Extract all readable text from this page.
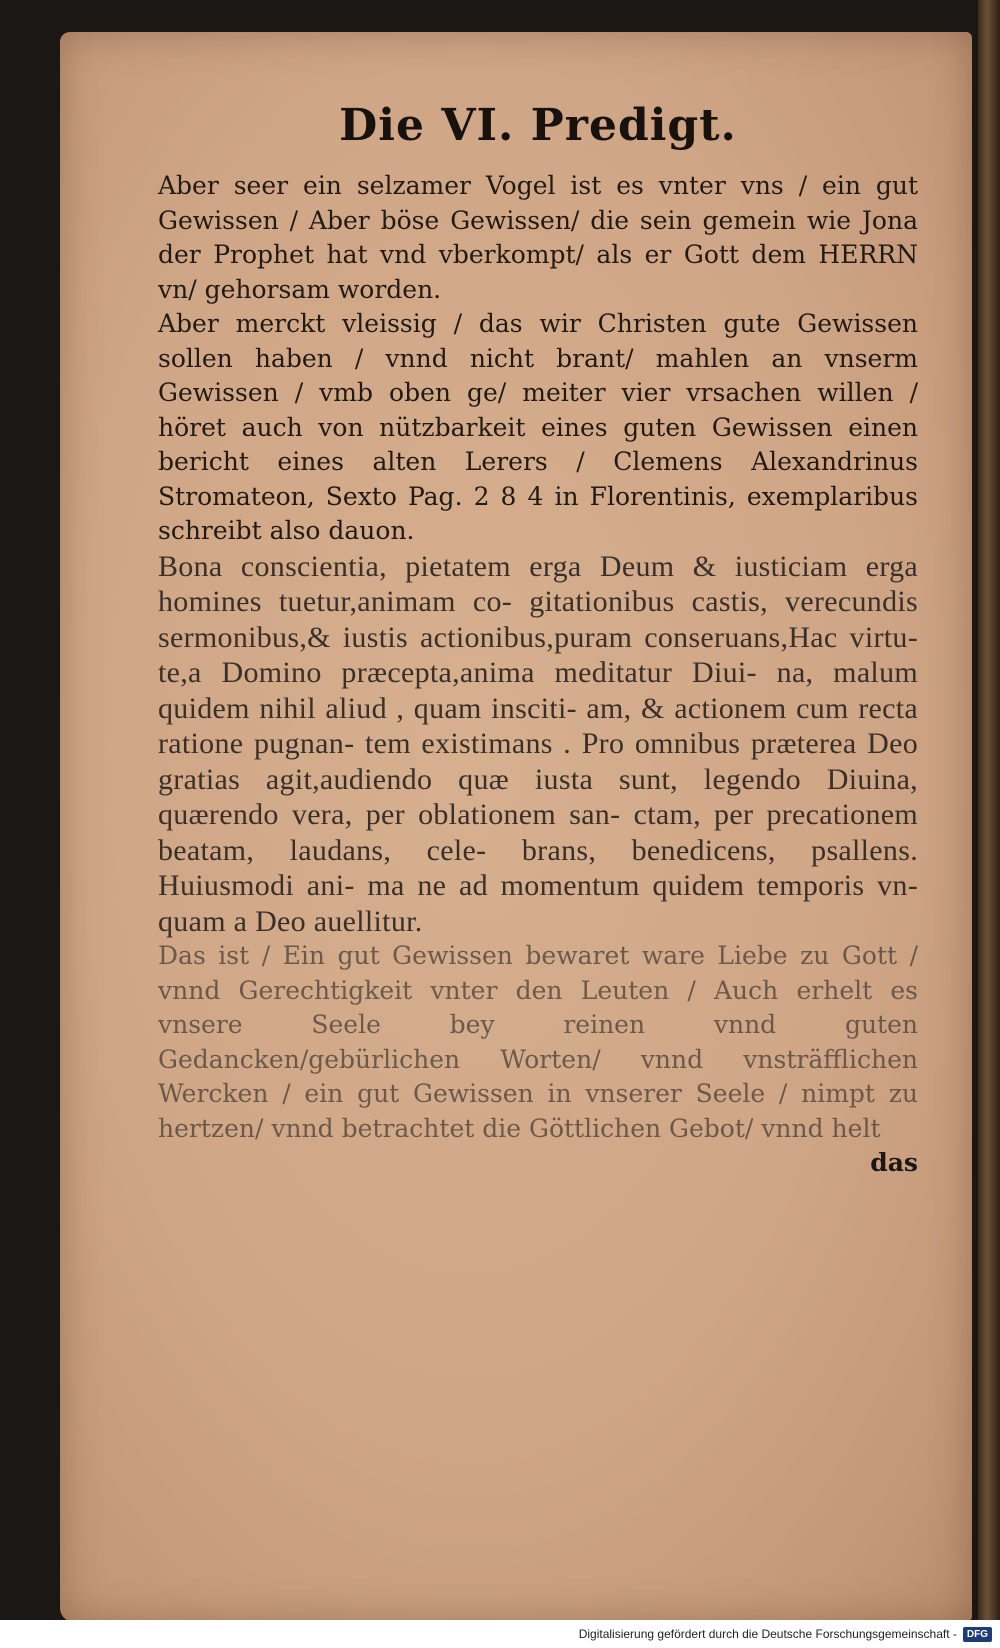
Die VI. Predigt.

Aber seer ein selzamer Vogel ist es vnter vns / ein gut Gewissen / Aber böse Gewissen/ die sein gemein wie Jona der Prophet hat vnd vberkompt/ als er Gott dem HERRN vn/ gehorsam worden.

Aber merckt vleissig / das wir Christen gute Gewissen sollen haben / vnnd nicht brant/ mahlen an vnserm Gewissen / vmb oben ge/ meiter vier vrsachen willen / höret auch von nützbarkeit eines guten Gewissen einen bericht eines alten Lerers / Clemens Alexandrinus Stromateon, Sexto Pag. 2 8 4 in Florentinis, exemplaribus schreibt also dauon.

Bona conscientia, pietatem erga Deum & iusticiam erga homines tuetur,animam co- gitationibus castis, verecundis sermonibus,& iustis actionibus,puram conseruans,Hac virtu- te,a Domino præcepta,anima meditatur Diui- na, malum quidem nihil aliud , quam insciti- am, & actionem cum recta ratione pugnan- tem existimans . Pro omnibus præterea Deo gratias agit,audiendo quæ iusta sunt, legendo Diuina, quærendo vera, per oblationem san- ctam, per precationem beatam, laudans, cele- brans, benedicens, psallens. Huiusmodi ani- ma ne ad momentum quidem temporis vn- quam a Deo auellitur.

Das ist / Ein gut Gewissen bewaret ware Liebe zu Gott / vnnd Gerechtigkeit vnter den Leuten / Auch erhelt es vnsere Seele bey reinen vnnd guten Gedancken/gebürlichen Worten/ vnnd vnsträfflichen Wercken / ein gut Gewissen in vnserer Seele / nimpt zu hertzen/ vnnd betrachtet die Göttlichen Gebot/ vnnd helt

das

Digitalisierung gefördert durch die Deutsche Forschungsgemeinschaft -	DFG
